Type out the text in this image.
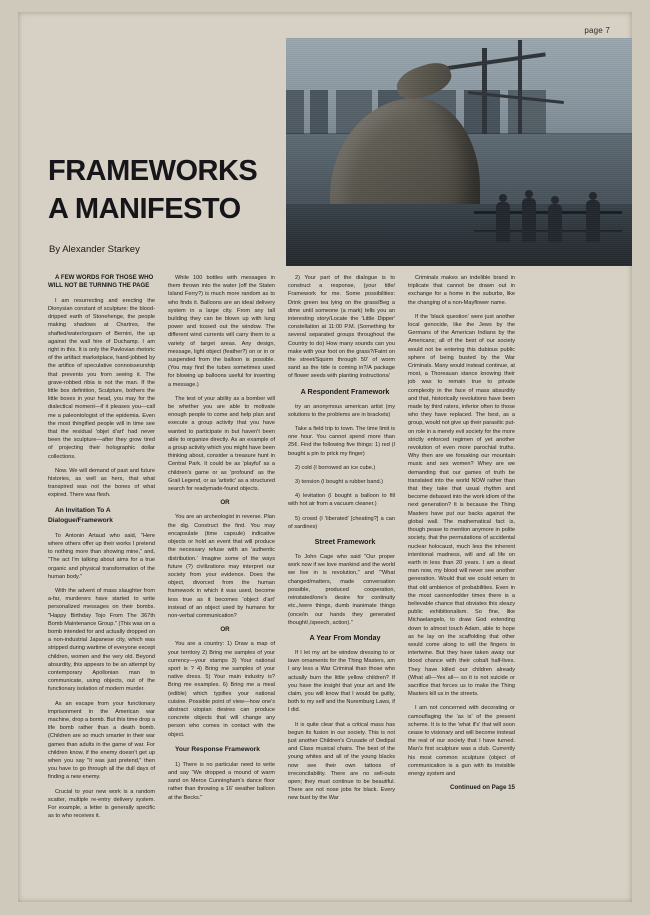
page 7
FRAMEWORKS
A MANIFESTO
By Alexander Starkey

A FEW WORDS FOR THOSE WHO WILL NOT BE TURNING THE PAGE

I am resurrecting and erecting the Dionysian constant of sculpture: the blood-dripped earth of Stonehenge, the people making shadows at Chartres, the shafted/water/orgasm of Bernini, the up against the wall hire of Duchamp. I am right in this. It is only the Pavlovian rhetoric of the artifact marketplace, hand-jobbed by the artifice of speculative connoisseurship that prevents you from seeing it. The grave-robbed ribia is not the man. If the little box definition, Sculpture, bothers the little boxes in your head, you may for the dialectical moment—if it pleases you—call me a paleontologist of the epidemia. Even the most thingified people will in time see that the residual 'objet d'art' had never been the sculpture—after they grow tired of projecting their holographic dollar collections.

Now. We will demand of past and future histories, as well as hers, that what transpired was not the bones of what expired. There was flesh.

An Invitation To A Dialogue/Framework

To Antonin Artaud who said, "Here where others offer up their works I pretend to nothing more than showing mine," and, "The act I'm talking about aims for a true organic and physical transformation of the human body."

With the advent of mass slaughter from a-far, murderers have started to write personalized messages on their bombs. "Happy Birthday Tojo From The 367th Bomb Maintenance Group." (This was on a bomb intended for and actually dropped on a non-industrial Japanese city, which was stripped during wartime of everyone except children, women and the very old. Beyond absurdity, this appears to be an attempt by contemporary Apollonian man to communicate, using objects, out of the functionary isolation of modern murder.

As an escape from your functionary imprisonment in the American war machine, drop a bomb. But this time drop a life bomb rather than a death bomb. (Children are so much smarter in their war games than adults in the game of war. For children know, if the enemy doesn't get up when you say "it was just pretend," then you have to go through all the dull days of finding a new enemy.

Crucial to your new work is a random scatter, multiple re-entry delivery system. For example, a letter is generally specific as to who receives it.

While 100 bottles with messages in them thrown into the water (off the Staten Island Ferry?) is much more random as to who finds it. Balloons are an ideal delivery system in a large city. From any tall building they can be blown up with lung power and tossed out the window. The different wind currents will carry them to a variety of target areas. Any design, message, light object (feather?) on or in or suspended from the balloon is possible. (You may find the tubes sometimes used for blowing up balloons useful for inserting a message.)

The test of your ability as a bomber will be whether you are able to motivate enough people to come and help plan and execute a group activity that you have wanted to participate in but haven't been able to organize directly. As an example of a group activity which you might have been thinking about, consider a treasure hunt in Central Park. It could be as 'playful' as a children's game or as 'profound' as the Grail Legend, or as 'artistic' as a structured search for readymade-found objects.

OR

You are an archeologist in reverse. Plan the dig. Construct the find. You may encapsulate (time capsule) indicative objects or hold an event that will produce the necessary refuse with an 'authentic distribution.' Imagine some of the ways future (?) civilizations may interpret our society from your evidence. Does the object, divorced from the human framework in which it was used, become less true as it becomes 'object d'art' instead of an object used by humans for non-verbal communication?

OR

You are a country: 1) Draw a map of your territory 2) Bring me samples of your currency—your stamps 3) Your national sport is ? 4) Bring me samples of your native dress. 5) Your main industry is? Bring me examples. 6) Bring me a meal (edible) which typifies your national cuisine. Possible point of view—how one's abstract utopian desires can produce concrete objects that will change any person who comes in contact with the object.

Your Response Framework

1) There is no particular need to write and say "We dropped a mound of warm sand on Merce Cunningham's dance floor rather than throwing a 16' weather balloon at the Becks."

2) Your part of the dialogue is to construct a response, (your title/ Framework for me. Some possibilities: Drink green tea lying on the grass/Beg a dime until someone (a mark) tells you an interesting story/Locate the 'Little Dipper' constellation at 11:00 P.M. (Something for several separated groups throughout the Country to do) How many sounds can you make with your foot on the grass?/Faint on the street/Squirm through 50' of worm sand as the tide is coming in?/A package of flower seeds with planting instructions/

A Respondent Framework

try an anonymous american artist (my solutions to the problems are in brackets)

Take a field trip to town. The time limit is one hour. You cannot spend more than 25¢. Find the following five things: 1) red (I bought a pin to prick my finger)

2) cold (I borrowed an ice cube.)

3) tension (I bought a rubber band.)

4) levitation (I bought a balloon to fill with hot air from a vacuum cleaner.)

5) crowd (I 'liberated' [cheating?] a can of sardines)

Street Framework

To John Cage who said "Our proper work now if we love mankind and the world we live in is revolution," and "'What changed/matters, made conversation possible, produced cooperation, reinstated/one's desire for continuity etc.,/were things, dumb inanimate things (once/in our hands they generated thought/,/speech, action)."

A Year From Monday

If I let my art be window dressing to or lawn ornaments for the Thing Masters, am I any less a War Criminal than those who actually burn the little yellow children? If you have the insight that your art and life claim, you will know that I would be guilty, both to my self and the Nuremburg Laws, if I did.

It is quite clear that a critical mass has begun its fusion in our society. This is not just another Children's Crusade of Oedipal and Class musical chairs. The best of the young whites and all of the young blacks now see their own tattoos of irreconcilability. There are no sell-outs open; they must continue to be beautiful. There are not nose jobs for black. Every new bust by the War

Criminals makes an indelible brand in triplicate that cannot be drawn out in exchange for a home in the suburbs, like the changing of a non-Mayflower name.

If the 'black question' were just another local genocide, like the Jews by the Germans of the American Indians by the Americans; all of the best of our society would not be entering this dubious public sphere of being busted by the War Criminals. Many would instead continue, at most, a Thoreauan stance knowing their job was to remain true to private complexity in the face of mass absurdity and that, historically revolutions have been made by third raters, inferior often to those who they have replaced. The best, as a group, would not give up their parasitic put-on role in a merely evil society for the more strictly enforced regimen of yet another revolution of even more parochial truths. Why then are we forsaking our mountain music and sex women? Whey are we demanding that our games of truth be translated into the world NOW rather than that they take that usual rhythm and become debased into the work idiom of the next generation? It is because the Thing Masters have put our backs against the global wall. The mathematical fact is, though pease to mention anymore in polite society, that the permutations of accidental nuclear holocaust, much less the inherent intentional madness, will and all life on earth in less than 20 years. I am a dead man now, my blood will never see another generation. Would that we could return to that old ambience of probabilities. Even in the most cannonfodder times there is a believable chance that obviates this sleazy public exhibitionalism. So fine, like Michaelangelo, to draw God extending down to almost touch Adam, able to hope as he lay on the scaffolding that other would come along to will the fingers to intertwine. But they have taken away our blood chance with their cobalt half-lives. They have killed our children already (What all—Yes all— so it is not suicide or sacrifice that forces us to make the Thing Masters kill us in the streets.

I am not concerned with decorating or camouflaging the 'as is' of the present scheme. It is to the 'what if's' that will soon cease to visionary and will become instead the real of our society that I have turned. Man's first sculpture was a club. Currently his most common sculpture (object of communication is a gun with its invisible energy system and

Continued on Page 15
